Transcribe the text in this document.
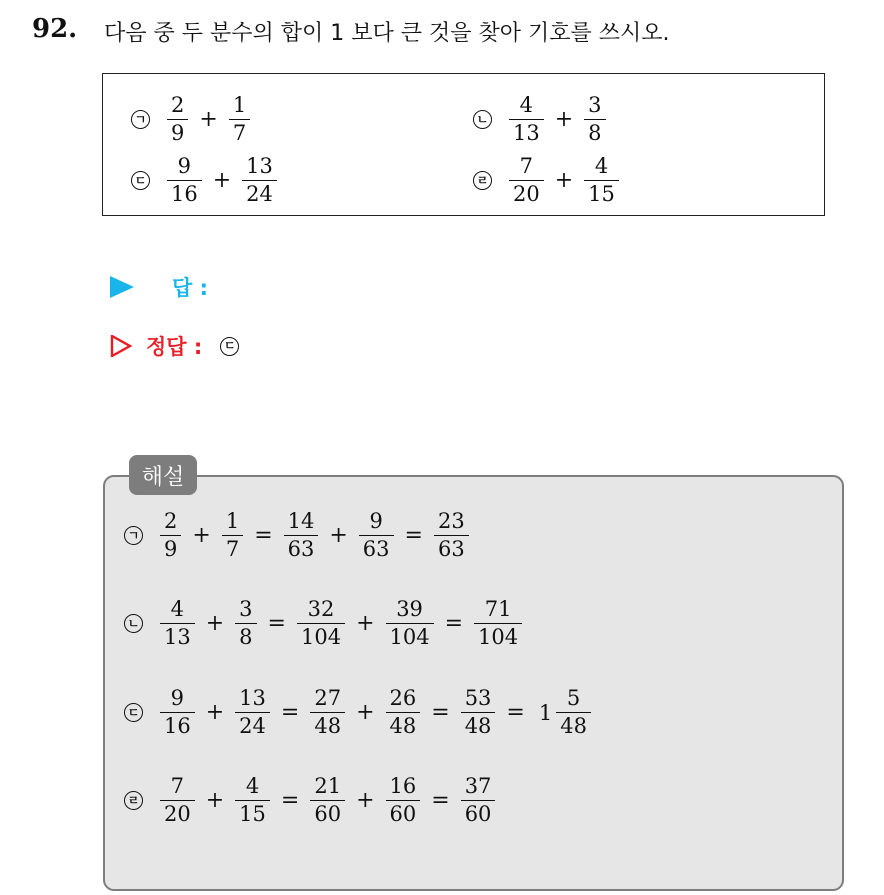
92. 다음 중 두 분수의 합이 1 보다 큰 것을 찾아 기호를 쓰시오.
ㄱ $\frac{2}{9} + \frac{1}{7}$	ㄴ $\frac{4}{13} + \frac{3}{8}$
ㄷ $\frac{9}{16} + \frac{13}{24}$	ㄹ $\frac{7}{20} + \frac{4}{15}$
답 :
정답 : ㄷ
해설
ㄱ $\frac{2}{9} + \frac{1}{7} = \frac{14}{63} + \frac{9}{63} = \frac{23}{63}$
ㄴ $\frac{4}{13} + \frac{3}{8} = \frac{32}{104} + \frac{39}{104} = \frac{71}{104}$
ㄷ $\frac{9}{16} + \frac{13}{24} = \frac{27}{48} + \frac{26}{48} = \frac{53}{48} = 1 \frac{5}{48}$
ㄹ $\frac{7}{20} + \frac{4}{15} = \frac{21}{60} + \frac{16}{60} = \frac{37}{60}$
